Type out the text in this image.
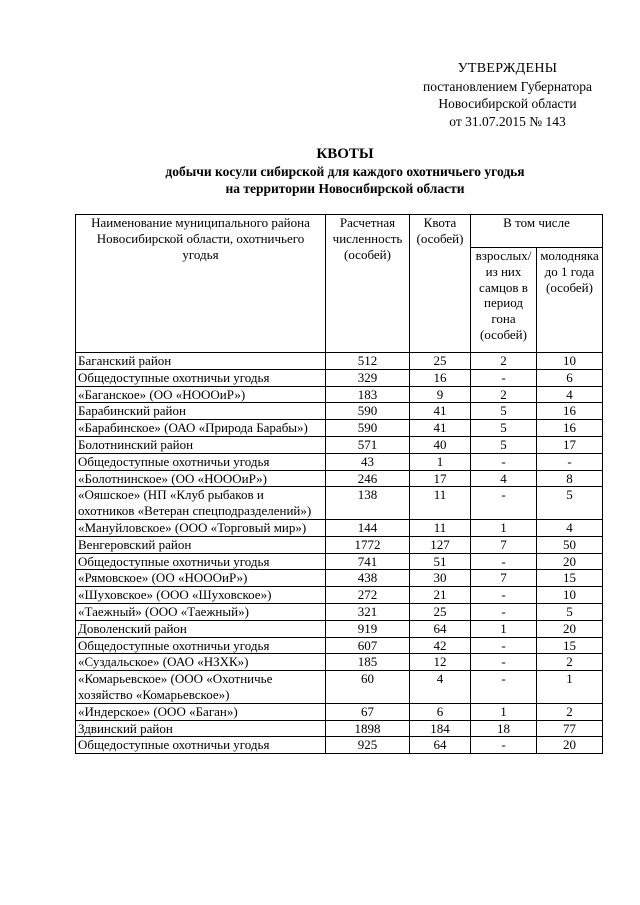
УТВЕРЖДЕНЫ
постановлением Губернатора
Новосибирской области
от 31.07.2015 № 143
КВОТЫ
добычи косули сибирской для каждого охотничьего угодья
на территории Новосибирской области
Наименование муниципального района Новосибирской области, охотничьего угодья	Расчетная численность (особей)	Квота (особей)	В том числе	
			взрослых/ из них самцов в период гона (особей)	молодняка до 1 года (особей)
Баганский район	512	25	2	10
Общедоступные охотничьи угодья	329	16	-	6
«Баганское» (ОО «НОООиР»)	183	9	2	4
Барабинский район	590	41	5	16
«Барабинское» (ОАО «Природа Барабы»)	590	41	5	16
Болотнинский район	571	40	5	17
Общедоступные охотничьи угодья	43	1	-	-
«Болотнинское» (ОО «НОООиР»)	246	17	4	8
«Ояшское» (НП «Клуб рыбаков и охотников «Ветеран спецподразделений»)	138	11	-	5
«Мануйловское» (ООО «Торговый мир»)	144	11	1	4
Венгеровский район	1772	127	7	50
Общедоступные охотничьи угодья	741	51	-	20
«Рямовское» (ОО «НОООиР»)	438	30	7	15
«Шуховское» (ООО «Шуховское»)	272	21	-	10
«Таежный» (ООО «Таежный»)	321	25	-	5
Доволенский район	919	64	1	20
Общедоступные охотничьи угодья	607	42	-	15
«Суздальское» (ОАО «НЗХК»)	185	12	-	2
«Комарьевское» (ООО «Охотничье хозяйство «Комарьевское»)	60	4	-	1
«Индерское» (ООО «Баган»)	67	6	1	2
Здвинский район	1898	184	18	77
Общедоступные охотничьи угодья	925	64	-	20
